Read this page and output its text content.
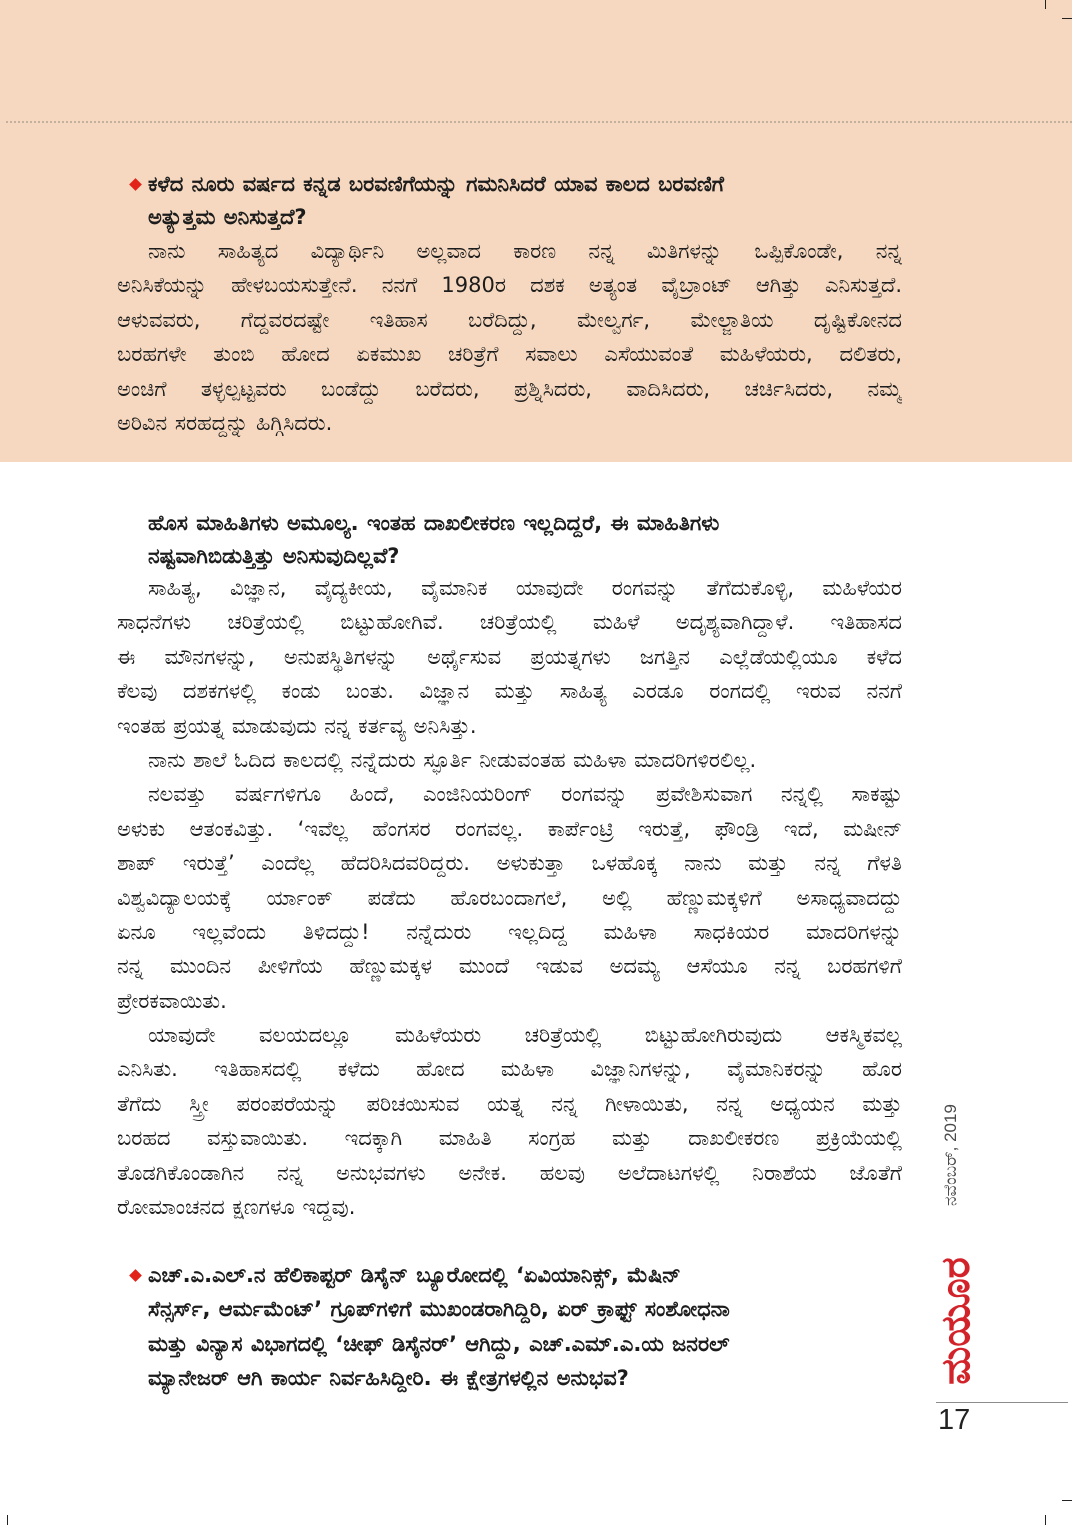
ಕಳೆದ ನೂರು ವರ್ಷದ ಕನ್ನಡ ಬರವಣಿಗೆಯನ್ನು ಗಮನಿಸಿದರೆ ಯಾವ ಕಾಲದ ಬರವಣಿಗೆ
ಅತ್ಯುತ್ತಮ ಅನಿಸುತ್ತದೆ?
ನಾನು ಸಾಹಿತ್ಯದ ವಿದ್ಯಾರ್ಥಿನಿ ಅಲ್ಲವಾದ ಕಾರಣ ನನ್ನ ಮಿತಿಗಳನ್ನು ಒಪ್ಪಿಕೊಂಡೇ, ನನ್ನ
ಅನಿಸಿಕೆಯನ್ನು ಹೇಳಬಯಸುತ್ತೇನೆ. ನನಗೆ 1980ರ ದಶಕ ಅತ್ಯಂತ ವೈಬ್ರಾಂಟ್ ಆಗಿತ್ತು ಎನಿಸುತ್ತದೆ.
ಆಳುವವರು, ಗೆದ್ದವರದಷ್ಟೇ ಇತಿಹಾಸ ಬರೆದಿದ್ದು, ಮೇಲ್ವರ್ಗ, ಮೇಲ್ಜಾತಿಯ ದೃಷ್ಟಿಕೋನದ
ಬರಹಗಳೇ ತುಂಬಿ ಹೋದ ಏಕಮುಖ ಚರಿತ್ರೆಗೆ ಸವಾಲು ಎಸೆಯುವಂತೆ ಮಹಿಳೆಯರು, ದಲಿತರು,
ಅಂಚಿಗೆ ತಳ್ಳಲ್ಪಟ್ಟವರು ಬಂಡೆದ್ದು ಬರೆದರು, ಪ್ರಶ್ನಿಸಿದರು, ವಾದಿಸಿದರು, ಚರ್ಚಿಸಿದರು, ನಮ್ಮ
ಅರಿವಿನ ಸರಹದ್ದನ್ನು ಹಿಗ್ಗಿಸಿದರು.
ಹೊಸ ಮಾಹಿತಿಗಳು ಅಮೂಲ್ಯ. ಇಂತಹ ದಾಖಲೀಕರಣ ಇಲ್ಲದಿದ್ದರೆ, ಈ ಮಾಹಿತಿಗಳು
ನಷ್ಟವಾಗಿಬಿಡುತ್ತಿತ್ತು ಅನಿಸುವುದಿಲ್ಲವೆ?
ಸಾಹಿತ್ಯ, ವಿಜ್ಞಾನ, ವೈದ್ಯಕೀಯ, ವೈಮಾನಿಕ ಯಾವುದೇ ರಂಗವನ್ನು ತೆಗೆದುಕೊಳ್ಳಿ, ಮಹಿಳೆಯರ
ಸಾಧನೆಗಳು ಚರಿತ್ರೆಯಲ್ಲಿ ಬಿಟ್ಟುಹೋಗಿವೆ. ಚರಿತ್ರೆಯಲ್ಲಿ ಮಹಿಳೆ ಅದೃಶ್ಯವಾಗಿದ್ದಾಳೆ. ಇತಿಹಾಸದ
ಈ ಮೌನಗಳನ್ನು, ಅನುಪಸ್ಥಿತಿಗಳನ್ನು ಅರ್ಥೈಸುವ ಪ್ರಯತ್ನಗಳು ಜಗತ್ತಿನ ಎಲ್ಲೆಡೆಯಲ್ಲಿಯೂ ಕಳೆದ
ಕೆಲವು ದಶಕಗಳಲ್ಲಿ ಕಂಡು ಬಂತು. ವಿಜ್ಞಾನ ಮತ್ತು ಸಾಹಿತ್ಯ ಎರಡೂ ರಂಗದಲ್ಲಿ ಇರುವ ನನಗೆ
ಇಂತಹ ಪ್ರಯತ್ನ ಮಾಡುವುದು ನನ್ನ ಕರ್ತವ್ಯ ಅನಿಸಿತ್ತು.
ನಾನು ಶಾಲೆ ಓದಿದ ಕಾಲದಲ್ಲಿ ನನ್ನೆದುರು ಸ್ಫೂರ್ತಿ ನೀಡುವಂತಹ ಮಹಿಳಾ ಮಾದರಿಗಳಿರಲಿಲ್ಲ.
ನಲವತ್ತು ವರ್ಷಗಳಿಗೂ ಹಿಂದೆ, ಎಂಜಿನಿಯರಿಂಗ್ ರಂಗವನ್ನು ಪ್ರವೇಶಿಸುವಾಗ ನನ್ನಲ್ಲಿ ಸಾಕಷ್ಟು
ಅಳುಕು ಆತಂಕವಿತ್ತು. ‘ಇವೆಲ್ಲ ಹೆಂಗಸರ ರಂಗವಲ್ಲ. ಕಾರ್ಪೆಂಟ್ರಿ ಇರುತ್ತೆ, ಫೌಂಡ್ರಿ ಇದೆ, ಮಷೀನ್
ಶಾಪ್ ಇರುತ್ತೆ’ ಎಂದೆಲ್ಲ ಹೆದರಿಸಿದವರಿದ್ದರು. ಅಳುಕುತ್ತಾ ಒಳಹೊಕ್ಕ ನಾನು ಮತ್ತು ನನ್ನ ಗೆಳತಿ
ವಿಶ್ವವಿದ್ಯಾಲಯಕ್ಕೆ ರ್ಯಾಂಕ್ ಪಡೆದು ಹೊರಬಂದಾಗಲೆ, ಅಲ್ಲಿ ಹೆಣ್ಣುಮಕ್ಕಳಿಗೆ ಅಸಾಧ್ಯವಾದದ್ದು
ಏನೂ ಇಲ್ಲವೆಂದು ತಿಳಿದದ್ದು! ನನ್ನೆದುರು ಇಲ್ಲದಿದ್ದ ಮಹಿಳಾ ಸಾಧಕಿಯರ ಮಾದರಿಗಳನ್ನು
ನನ್ನ ಮುಂದಿನ ಪೀಳಿಗೆಯ ಹೆಣ್ಣುಮಕ್ಕಳ ಮುಂದೆ ಇಡುವ ಅದಮ್ಯ ಆಸೆಯೂ ನನ್ನ ಬರಹಗಳಿಗೆ
ಪ್ರೇರಕವಾಯಿತು.
ಯಾವುದೇ ವಲಯದಲ್ಲೂ ಮಹಿಳೆಯರು ಚರಿತ್ರೆಯಲ್ಲಿ ಬಿಟ್ಟುಹೋಗಿರುವುದು ಆಕಸ್ಮಿಕವಲ್ಲ
ಎನಿಸಿತು. ಇತಿಹಾಸದಲ್ಲಿ ಕಳೆದು ಹೋದ ಮಹಿಳಾ ವಿಜ್ಞಾನಿಗಳನ್ನು, ವೈಮಾನಿಕರನ್ನು ಹೊರ
ತೆಗೆದು ಸ್ತ್ರೀ ಪರಂಪರೆಯನ್ನು ಪರಿಚಯಿಸುವ ಯತ್ನ ನನ್ನ ಗೀಳಾಯಿತು, ನನ್ನ ಅಧ್ಯಯನ ಮತ್ತು
ಬರಹದ ವಸ್ತುವಾಯಿತು. ಇದಕ್ಕಾಗಿ ಮಾಹಿತಿ ಸಂಗ್ರಹ ಮತ್ತು ದಾಖಲೀಕರಣ ಪ್ರಕ್ರಿಯೆಯಲ್ಲಿ
ತೊಡಗಿಕೊಂಡಾಗಿನ ನನ್ನ ಅನುಭವಗಳು ಅನೇಕ. ಹಲವು ಅಲೆದಾಟಗಳಲ್ಲಿ ನಿರಾಶೆಯ ಜೊತೆಗೆ
ರೋಮಾಂಚನದ ಕ್ಷಣಗಳೂ ಇದ್ದವು.
ಎಚ್.ಎ.ಎಲ್.ನ ಹೆಲಿಕಾಪ್ಟರ್ ಡಿಸೈನ್ ಬ್ಯೂರೋದಲ್ಲಿ ‘ಏವಿಯಾನಿಕ್ಸ್, ಮೆಷಿನ್
ಸೆನ್ಸರ್ಸ್, ಆರ್ಮಮೆಂಟ್’ ಗ್ರೂಪ್‌ಗಳಿಗೆ ಮುಖಂಡರಾಗಿದ್ದಿರಿ, ಏರ್ ಕ್ರಾಫ್ಟ್ ಸಂಶೋಧನಾ
ಮತ್ತು ವಿನ್ಯಾಸ ವಿಭಾಗದಲ್ಲಿ ‘ಚೀಫ್ ಡಿಸೈನರ್’ ಆಗಿದ್ದು, ಎಚ್.ಎಮ್.ಎ.ಯ ಜನರಲ್
ಮ್ಯಾನೇಜರ್ ಆಗಿ ಕಾರ್ಯ ನಿರ್ವಹಿಸಿದ್ದೀರಿ. ಈ ಕ್ಷೇತ್ರಗಳಲ್ಲಿನ ಅನುಭವ?
ನವೆಂಬರ್, 2019
ಮಯೂರ
17
